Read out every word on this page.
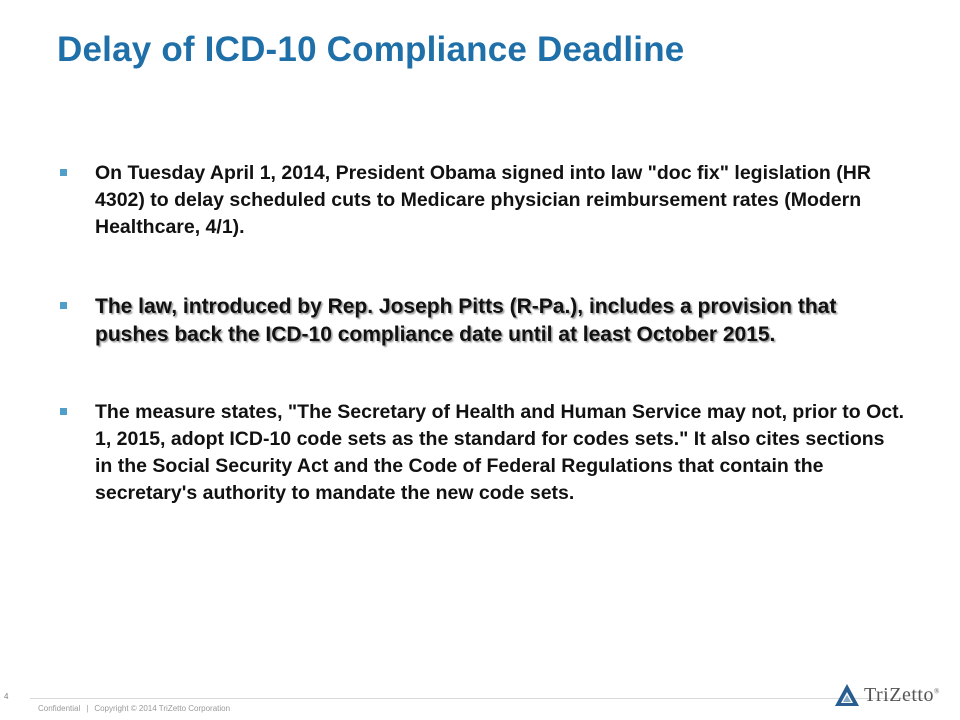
Delay of ICD-10 Compliance Deadline
On Tuesday April 1, 2014, President Obama signed into law "doc fix" legislation (HR 4302) to delay scheduled cuts to Medicare physician reimbursement rates (Modern Healthcare, 4/1).
The law, introduced by Rep. Joseph Pitts (R-Pa.), includes a provision that pushes back the ICD-10 compliance date until at least October 2015.
The measure states, "The Secretary of Health and Human Service may not, prior to Oct. 1, 2015, adopt ICD-10 code sets as the standard for codes sets." It also cites sections in the Social Security Act and the Code of Federal Regulations that contain the secretary's authority to mandate the new code sets.
4
Confidential | Copyright © 2014 TriZetto Corporation
TriZetto®
